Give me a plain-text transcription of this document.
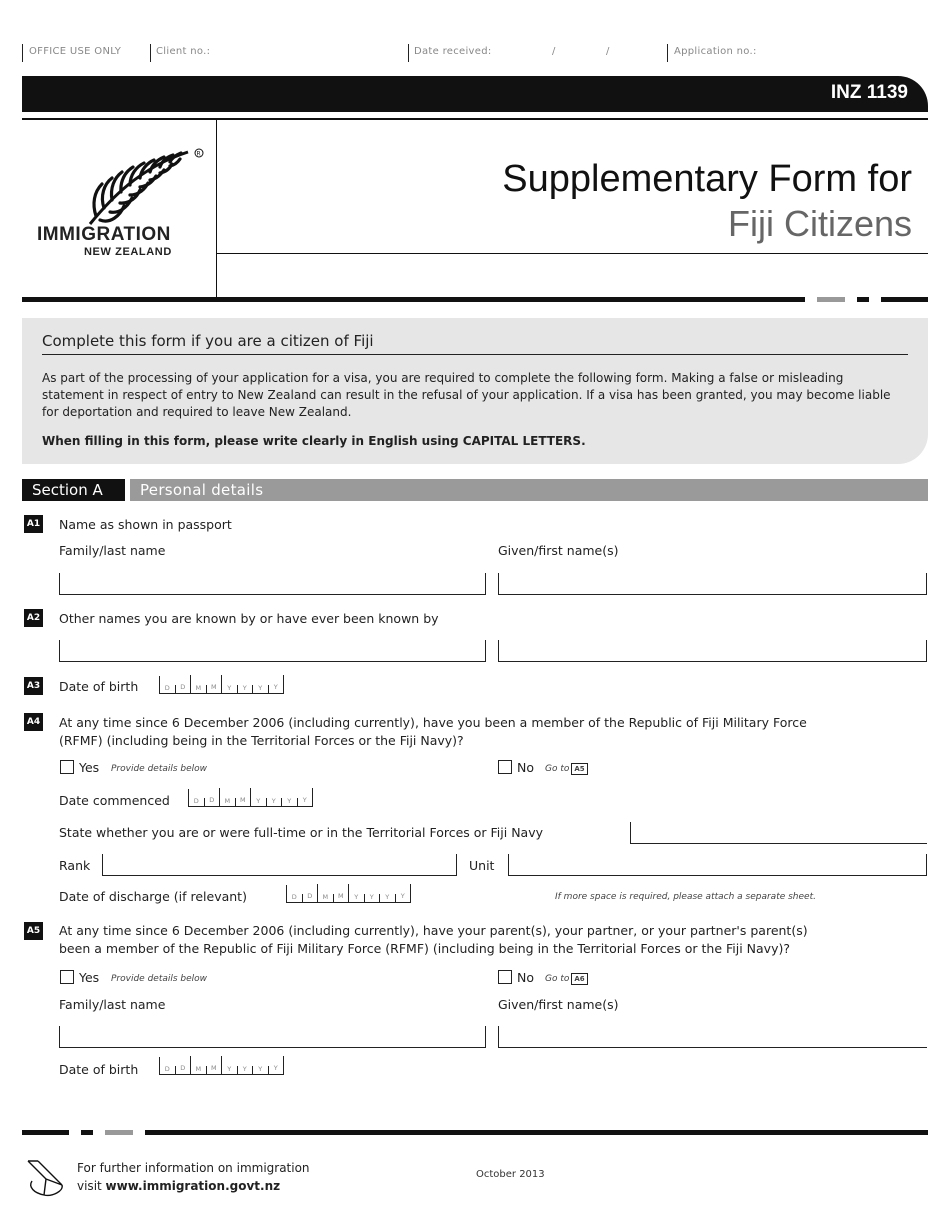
OFFICE USE ONLY	Client no.:	Date received:	/	/	Application no.:
INZ 1139
R
IMMIGRATION
NEW ZEALAND
Supplementary Form for
Fiji Citizens
Complete this form if you are a citizen of Fiji
As part of the processing of your application for a visa, you are required to complete the following form. Making a false or misleading statement in respect of entry to New Zealand can result in the refusal of your application. If a visa has been granted, you may become liable for deportation and required to leave New Zealand.
When filling in this form, please write clearly in English using CAPITAL LETTERS.
Section A	Personal details
A1 Name as shown in passport
Family/last name	Given/first name(s)
A2 Other names you are known by or have ever been known by
A3 Date of birth	D	D	M	M	Y	Y	Y	Y
A4 At any time since 6 December 2006 (including currently), have you been a member of the Republic of Fiji Military Force
(RFMF) (including being in the Territorial Forces or the Fiji Navy)?
Yes Provide details below	No Go to A5
Date commenced	D	D	M	M	Y	Y	Y	Y
State whether you are or were full-time or in the Territorial Forces or Fiji Navy
Rank	Unit
Date of discharge (if relevant)	D	D	M	M	Y	Y	Y	Y	If more space is required, please attach a separate sheet.
A5 At any time since 6 December 2006 (including currently), have your parent(s), your partner, or your partner's parent(s)
been a member of the Republic of Fiji Military Force (RFMF) (including being in the Territorial Forces or the Fiji Navy)?
Yes Provide details below	No Go to A6
Family/last name	Given/first name(s)
Date of birth	D	D	M	M	Y	Y	Y	Y
For further information on immigration
visit www.immigration.govt.nz
October 2013
